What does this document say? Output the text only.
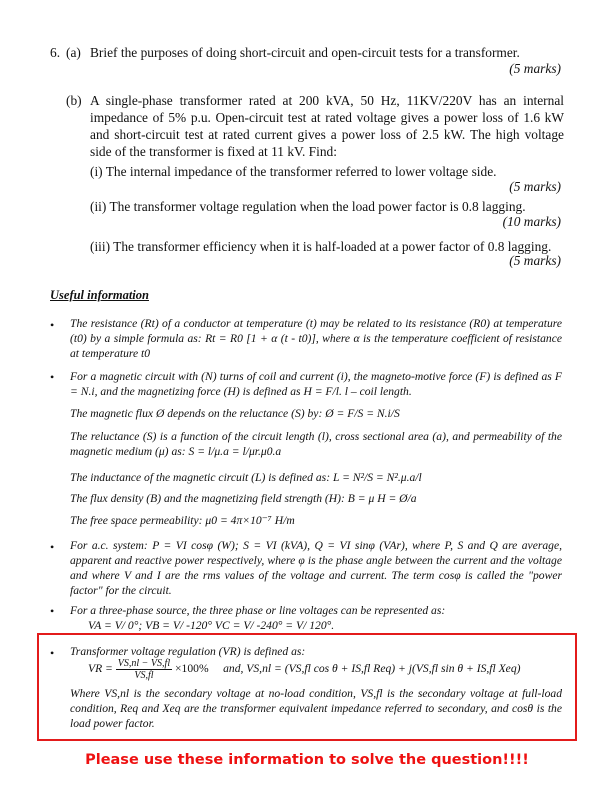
6. (a) Brief the purposes of doing short-circuit and open-circuit tests for a transformer.
(5 marks)
(b) A single-phase transformer rated at 200 kVA, 50 Hz, 11KV/220V has an internal
impedance of 5% p.u. Open-circuit test at rated voltage gives a power loss of 1.6 kW
and short-circuit test at rated current gives a power loss of 2.5 kW. The high voltage
side of the transformer is fixed at 11 kV. Find:
(i) The internal impedance of the transformer referred to lower voltage side.
(5 marks)
(ii) The transformer voltage regulation when the load power factor is 0.8 lagging.
(10 marks)
(iii) The transformer efficiency when it is half-loaded at a power factor of 0.8 lagging.
(5 marks)
Useful information
• The resistance (Rt) of a conductor at temperature (t) may be related to its resistance (R0) at temperature (t0) by a simple formula as: Rt = R0 [1 + α (t - t0)], where α is the temperature coefficient of resistance at temperature t0
• For a magnetic circuit with (N) turns of coil and current (i), the magneto-motive force (F) is defined as F = N.i, and the magnetizing force (H) is defined as H = F/l. l – coil length.
The magnetic flux Ø depends on the reluctance (S) by: Ø = F/S = N.i/S
The reluctance (S) is a function of the circuit length (l), cross sectional area (a), and permeability of the magnetic medium (μ) as: S = l/μ.a = l/μr.μ0.a
The inductance of the magnetic circuit (L) is defined as: L = N²/S = N².μ.a/l
The flux density (B) and the magnetizing field strength (H): B = μ H = Ø/a
The free space permeability: μ0 = 4π×10⁻⁷ H/m
• For a.c. system: P = VI cosφ (W); S = VI (kVA), Q = VI sinφ (VAr), where P, S and Q are average, apparent and reactive power respectively, where φ is the phase angle between the current and the voltage and where V and I are the rms values of the voltage and current. The term cosφ is called the "power factor" for the circuit.
• For a three-phase source, the three phase or line voltages can be represented as:
VA = V/ 0°; VB = V/ -120° VC = V/ -240° = V/ 120°.
• Transformer voltage regulation (VR) is defined as:
VR = $\frac{VS,nl - VS,fl}{VS,fl} \times 100\%$ and, VS,nl = (VS,fl cos θ + IS,fl Req) + j(VS,fl sin θ + IS,fl Xeq)
Where VS,nl is the secondary voltage at no-load condition, VS,fl is the secondary voltage at full-load condition, Req and Xeq are the transformer equivalent impedance referred to secondary, and cosθ is the load power factor.
Please use these information to solve the question!!!!
